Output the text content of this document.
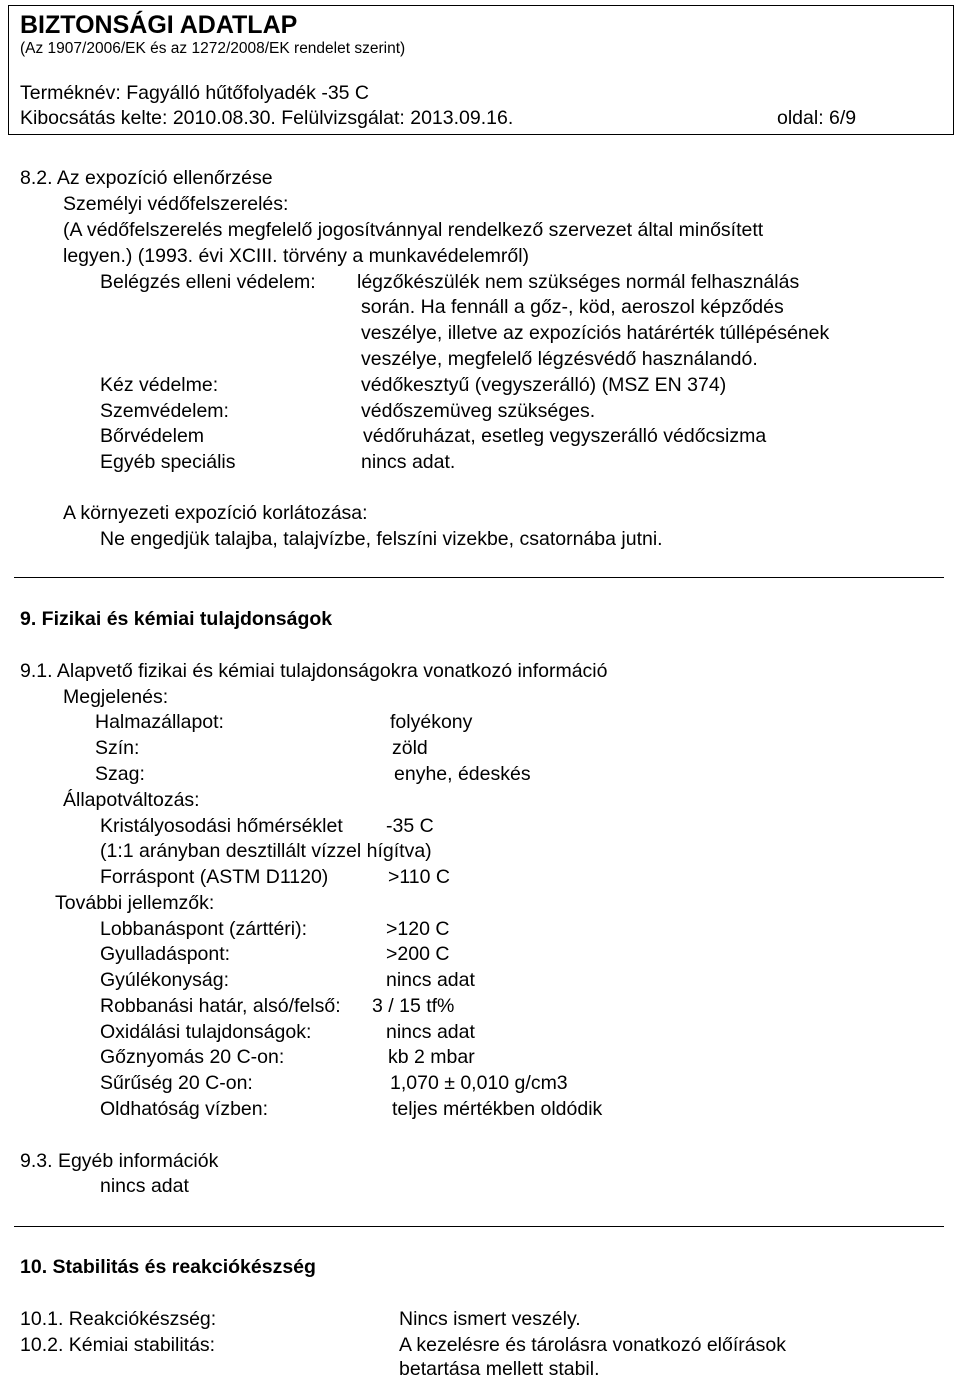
BIZTONSÁGI ADATLAP
(Az 1907/2006/EK és az 1272/2008/EK rendelet szerint)
Terméknév: Fagyálló hűtőfolyadék -35 C
Kibocsátás kelte: 2010.08.30. Felülvizsgálat: 2013.09.16.	oldal: 6/9
8.2. Az expozíció ellenőrzése
Személyi védőfelszerelés:
(A védőfelszerelés megfelelő jogosítvánnyal rendelkező szervezet által minősített
legyen.) (1993. évi XCIII. törvény a munkavédelemről)
Belégzés elleni védelem: légzőkészülék nem szükséges normál felhasználás
során. Ha fennáll a gőz-, köd, aeroszol képződés
veszélye, illetve az expozíciós határérték túllépésének
veszélye, megfelelő légzésvédő használandó.
Kéz védelme:	védőkesztyű (vegyszerálló) (MSZ EN 374)
Szemvédelem:	védőszemüveg szükséges.
Bőrvédelem	védőruházat, esetleg vegyszerálló védőcsizma
Egyéb speciális	nincs adat.
A környezeti expozíció korlátozása:
Ne engedjük talajba, talajvízbe, felszíni vizekbe, csatornába jutni.
9. Fizikai és kémiai tulajdonságok
9.1. Alapvető fizikai és kémiai tulajdonságokra vonatkozó információ
Megjelenés:
Halmazállapot:	folyékony
Szín:	zöld
Szag:	enyhe, édeskés
Állapotváltozás:
Kristályosodási hőmérséklet -35 C
(1:1 arányban desztillált vízzel hígítva)
Forráspont (ASTM D1120)	>110 C
További jellemzők:
Lobbanáspont (zárttéri):	>120 C
Gyulladáspont:	>200 C
Gyúlékonyság:	nincs adat
Robbanási határ, alsó/felső: 3 / 15 tf%
Oxidálási tulajdonságok:	nincs adat
Gőznyomás 20 C-on:	kb 2 mbar
Sűrűség 20 C-on:	1,070 ± 0,010 g/cm3
Oldhatóság vízben:	teljes mértékben oldódik
9.3. Egyéb információk
nincs adat
10. Stabilitás és reakciókészség
10.1. Reakciókészség:	Nincs ismert veszély.
10.2. Kémiai stabilitás:	A kezelésre és tárolásra vonatkozó előírások
betartása mellett stabil.
